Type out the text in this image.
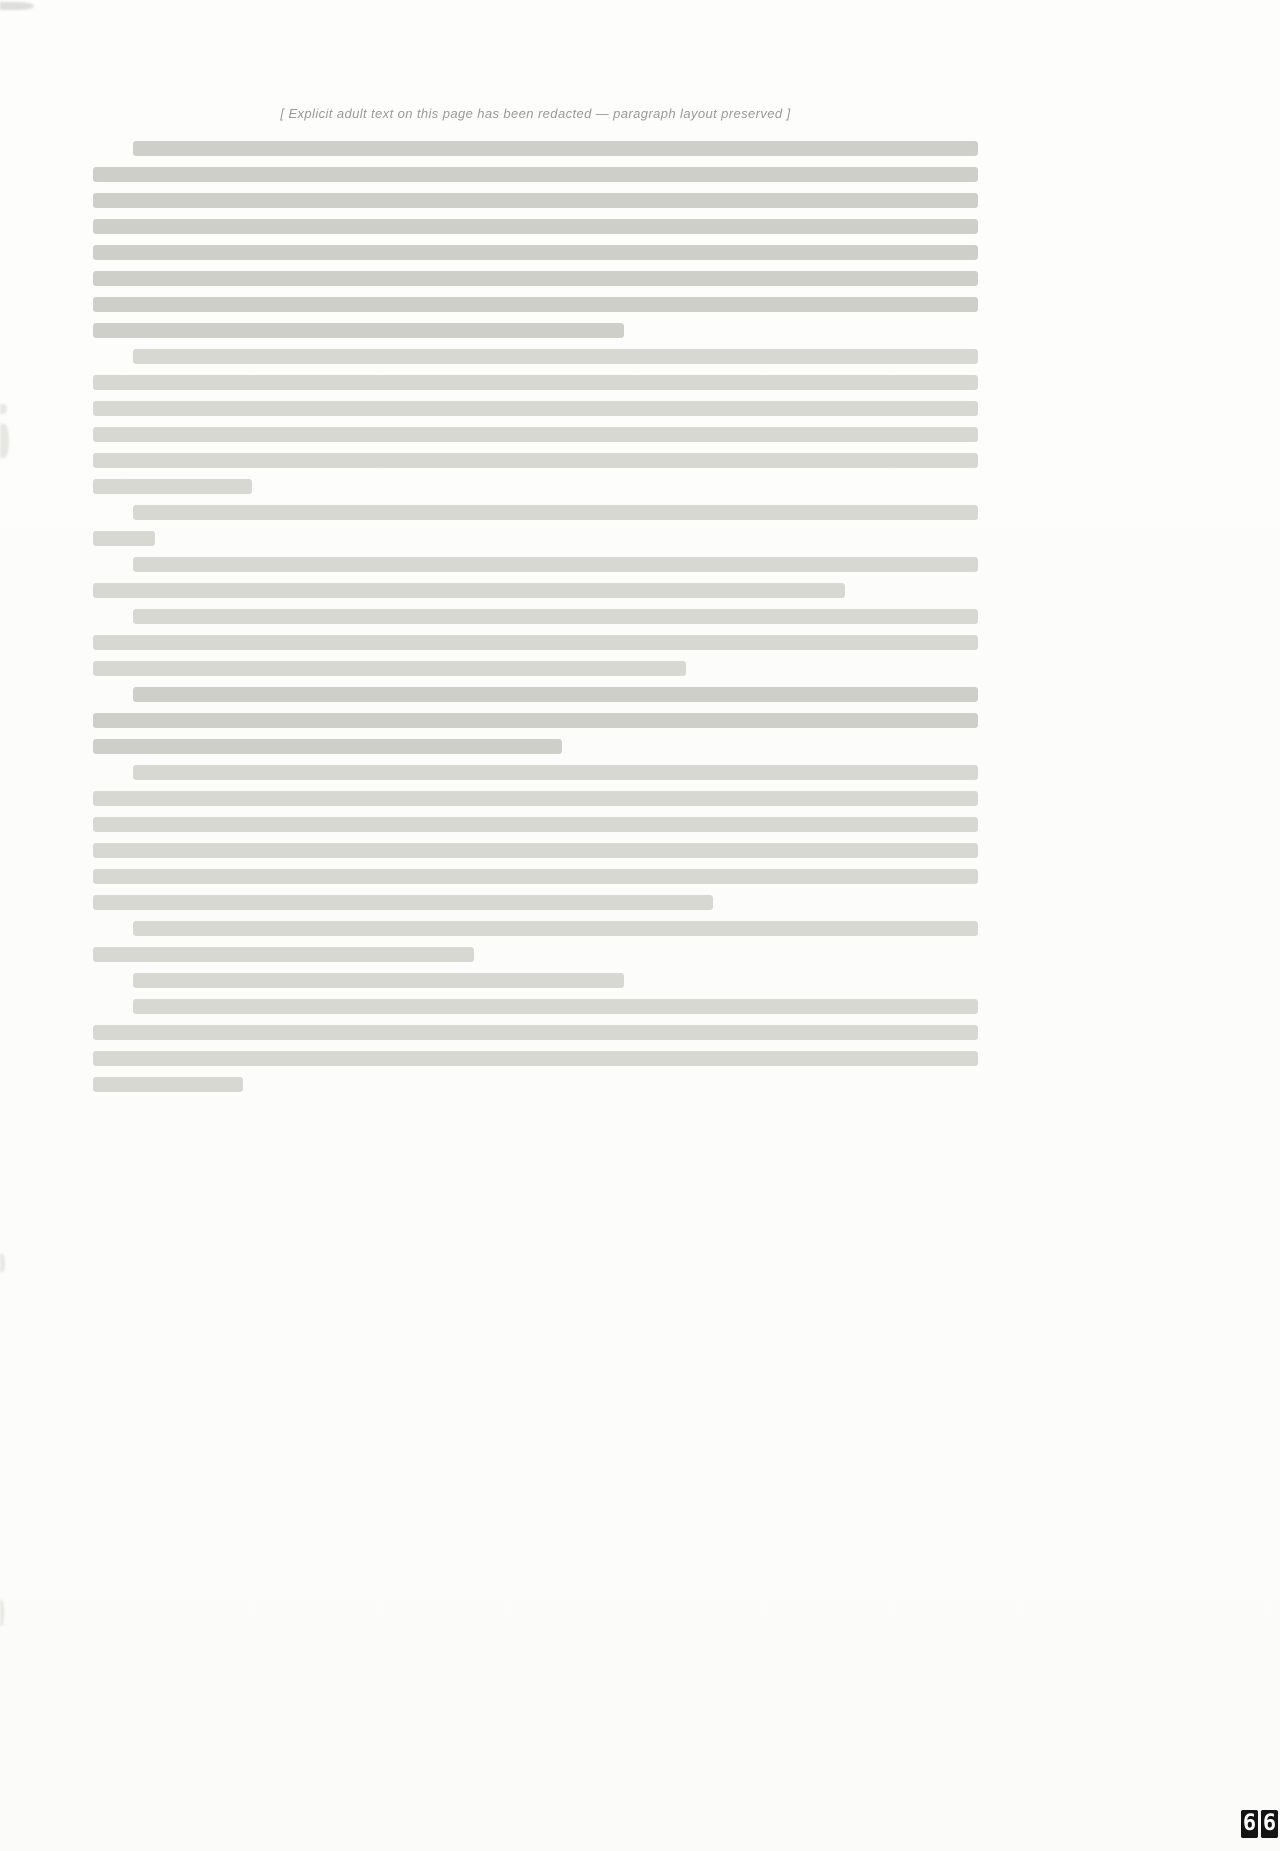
[ Explicit adult text on this page has been redacted — paragraph layout preserved ]
6 6
